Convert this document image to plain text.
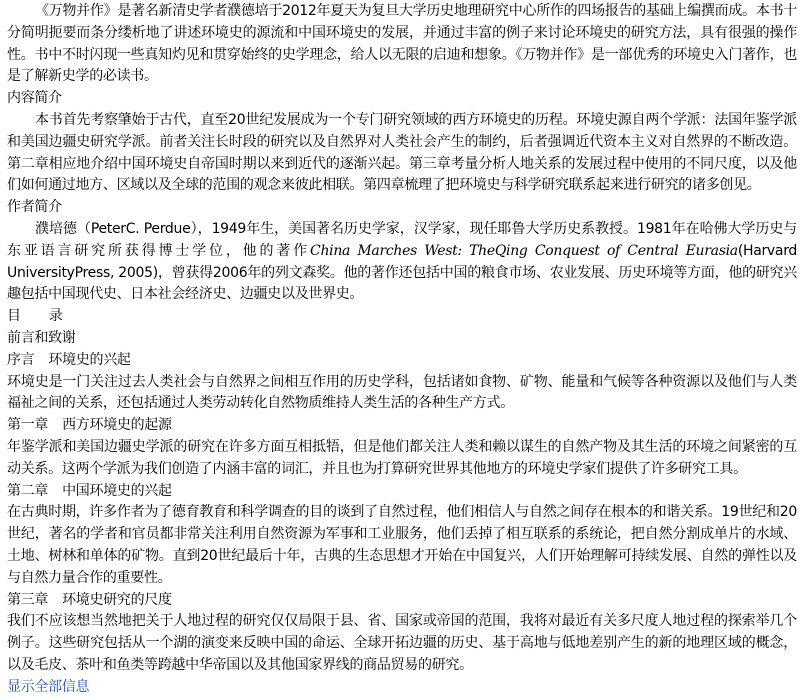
《万物并作》是著名新清史学者濮德培于2012年夏天为复旦大学历史地理研究中心所作的四场报告的基础上编撰而成。本书十分简明扼要而条分缕析地了讲述环境史的源流和中国环境史的发展，并通过丰富的例子来讨论环境史的研究方法，具有很强的操作性。书中不时闪现一些真知灼见和贯穿始终的史学理念，给人以无限的启迪和想象。《万物并作》是一部优秀的环境史入门著作，也是了解新史学的必读书。

内容简介

本书首先考察肇始于古代，直至20世纪发展成为一个专门研究领域的西方环境史的历程。环境史源自两个学派：法国年鉴学派和美国边疆史研究学派。前者关注长时段的研究以及自然界对人类社会产生的制约，后者强调近代资本主义对自然界的不断改造。第二章相应地介绍中国环境史自帝国时期以来到近代的逐渐兴起。第三章考量分析人地关系的发展过程中使用的不同尺度，以及他们如何通过地方、区域以及全球的范围的观念来彼此相联。第四章梳理了把环境史与科学研究联系起来进行研究的诸多创见。

作者简介

濮培德（PeterC. Perdue），1949年生，美国著名历史学家，汉学家，现任耶鲁大学历史系教授。1981年在哈佛大学历史与东亚语言研究所获得博士学位，他的著作China Marches West: TheQing Conquest of Central Eurasia(Harvard UniversityPress, 2005)，曾获得2006年的列文森奖。他的著作还包括中国的粮食市场、农业发展、历史环境等方面，他的研究兴趣包括中国现代史、日本社会经济史、边疆史以及世界史。

目 录
前言和致谢
序言 环境史的兴起

环境史是一门关注过去人类社会与自然界之间相互作用的历史学科，包括诸如食物、矿物、能量和气候等各种资源以及他们与人类福祉之间的关系，还包括通过人类劳动转化自然物质维持人类生活的各种生产方式。

第一章 西方环境史的起源

年鉴学派和美国边疆史学派的研究在许多方面互相抵牾，但是他们都关注人类和赖以谋生的自然产物及其生活的环境之间紧密的互动关系。这两个学派为我们创造了内涵丰富的词汇，并且也为打算研究世界其他地方的环境史学家们提供了许多研究工具。

第二章 中国环境史的兴起

在古典时期，许多作者为了德育教育和科学调查的目的谈到了自然过程，他们相信人与自然之间存在根本的和谐关系。19世纪和20世纪，著名的学者和官员都非常关注利用自然资源为军事和工业服务，他们丢掉了相互联系的系统论，把自然分割成单片的水域、土地、树林和单体的矿物。直到20世纪最后十年，古典的生态思想才开始在中国复兴，人们开始理解可持续发展、自然的弹性以及与自然力量合作的重要性。

第三章 环境史研究的尺度

我们不应该想当然地把关于人地过程的研究仅仅局限于县、省、国家或帝国的范围，我将对最近有关多尺度人地过程的探索举几个例子。这些研究包括从一个湖的演变来反映中国的命运、全球开拓边疆的历史、基于高地与低地差别产生的新的地理区域的概念，以及毛皮、茶叶和鱼类等跨越中华帝国以及其他国家界线的商品贸易的研究。

显示全部信息
